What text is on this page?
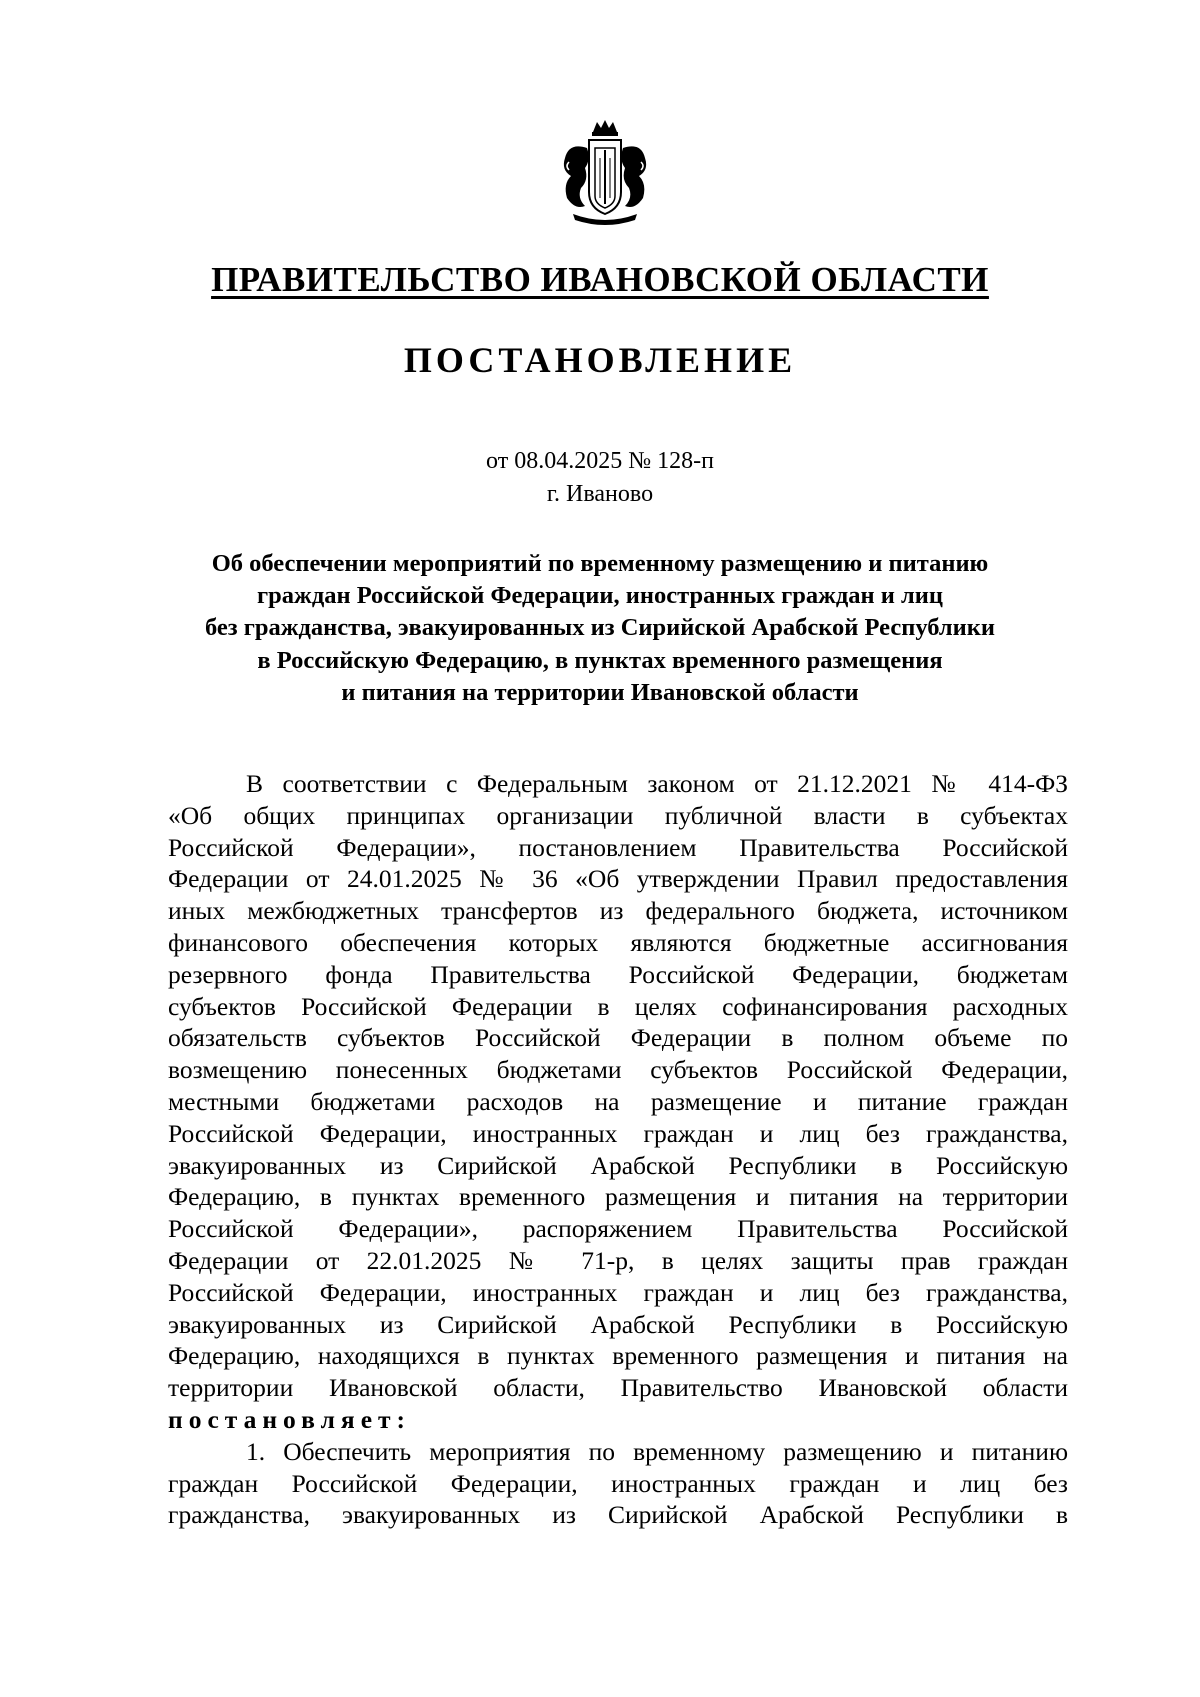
ПРАВИТЕЛЬСТВО ИВАНОВСКОЙ ОБЛАСТИ
ПОСТАНОВЛЕНИЕ
от 08.04.2025 № 128-п
г. Иваново
Об обеспечении мероприятий по временному размещению и питанию
граждан Российской Федерации, иностранных граждан и лиц
без гражданства, эвакуированных из Сирийской Арабской Республики
в Российскую Федерацию, в пунктах временного размещения
и питания на территории Ивановской области
В соответствии с Федеральным законом от 21.12.2021 № 414-ФЗ
«Об общих принципах организации публичной власти в субъектах
Российской Федерации», постановлением Правительства Российской
Федерации от 24.01.2025 № 36 «Об утверждении Правил предоставления
иных межбюджетных трансфертов из федерального бюджета, источником
финансового обеспечения которых являются бюджетные ассигнования
резервного фонда Правительства Российской Федерации, бюджетам
субъектов Российской Федерации в целях софинансирования расходных
обязательств субъектов Российской Федерации в полном объеме по
возмещению понесенных бюджетами субъектов Российской Федерации,
местными бюджетами расходов на размещение и питание граждан
Российской Федерации, иностранных граждан и лиц без гражданства,
эвакуированных из Сирийской Арабской Республики в Российскую
Федерацию, в пунктах временного размещения и питания на территории
Российской Федерации», распоряжением Правительства Российской
Федерации от 22.01.2025 № 71-р, в целях защиты прав граждан
Российской Федерации, иностранных граждан и лиц без гражданства,
эвакуированных из Сирийской Арабской Республики в Российскую
Федерацию, находящихся в пунктах временного размещения и питания на
территории Ивановской области, Правительство Ивановской области
постановляет:
1. Обеспечить мероприятия по временному размещению и питанию
граждан Российской Федерации, иностранных граждан и лиц без
гражданства, эвакуированных из Сирийской Арабской Республики в
